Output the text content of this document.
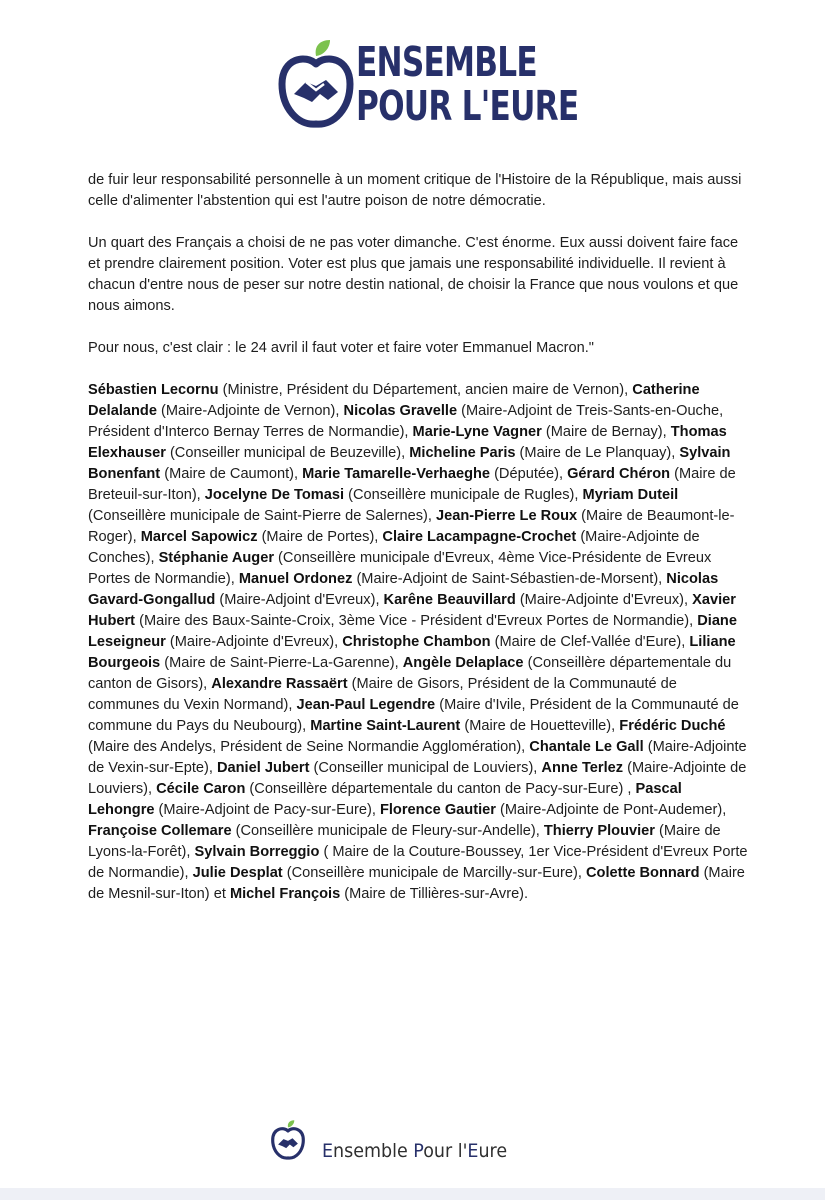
ENSEMBLE
POUR L'EURE

de fuir leur responsabilité personnelle à un moment critique de l'Histoire de la République, mais aussi celle d'alimenter l'abstention qui est l'autre poison de notre démocratie.

Un quart des Français a choisi de ne pas voter dimanche. C'est énorme. Eux aussi doivent faire face et prendre clairement position. Voter est plus que jamais une responsabilité individuelle. Il revient à chacun d'entre nous de peser sur notre destin national, de choisir la France que nous voulons et que nous aimons.

Pour nous, c'est clair : le 24 avril il faut voter et faire voter Emmanuel Macron."

Sébastien Lecornu (Ministre, Président du Département, ancien maire de Vernon), Catherine Delalande (Maire-Adjointe de Vernon), Nicolas Gravelle (Maire-Adjoint de Treis-Sants-en-Ouche, Président d'Interco Bernay Terres de Normandie), Marie-Lyne Vagner (Maire de Bernay), Thomas Elexhauser (Conseiller municipal de Beuzeville), Micheline Paris (Maire de Le Planquay), Sylvain Bonenfant (Maire de Caumont), Marie Tamarelle-Verhaeghe (Députée), Gérard Chéron (Maire de Breteuil-sur-Iton), Jocelyne De Tomasi (Conseillère municipale de Rugles), Myriam Duteil (Conseillère municipale de Saint-Pierre de Salernes), Jean-Pierre Le Roux (Maire de Beaumont-le-Roger), Marcel Sapowicz (Maire de Portes), Claire Lacampagne-Crochet (Maire-Adjointe de Conches), Stéphanie Auger (Conseillère municipale d'Evreux, 4ème Vice-Présidente de Evreux Portes de Normandie), Manuel Ordonez (Maire-Adjoint de Saint-Sébastien-de-Morsent), Nicolas Gavard-Gongallud (Maire-Adjoint d'Evreux), Karêne Beauvillard (Maire-Adjointe d'Evreux), Xavier Hubert (Maire des Baux-Sainte-Croix, 3ème Vice - Président d'Evreux Portes de Normandie), Diane Leseigneur (Maire-Adjointe d'Evreux), Christophe Chambon (Maire de Clef-Vallée d'Eure), Liliane Bourgeois (Maire de Saint-Pierre-La-Garenne), Angèle Delaplace (Conseillère départementale du canton de Gisors), Alexandre Rassaërt (Maire de Gisors, Président de la Communauté de communes du Vexin Normand), Jean-Paul Legendre (Maire d'Ivile, Président de la Communauté de commune du Pays du Neubourg), Martine Saint-Laurent (Maire de Houetteville), Frédéric Duché (Maire des Andelys, Président de Seine Normandie Agglomération), Chantale Le Gall (Maire-Adjointe de Vexin-sur-Epte), Daniel Jubert (Conseiller municipal de Louviers), Anne Terlez (Maire-Adjointe de Louviers), Cécile Caron (Conseillère départementale du canton de Pacy-sur-Eure) , Pascal Lehongre (Maire-Adjoint de Pacy-sur-Eure), Florence Gautier (Maire-Adjointe de Pont-Audemer), Françoise Collemare (Conseillère municipale de Fleury-sur-Andelle), Thierry Plouvier (Maire de Lyons-la-Forêt), Sylvain Borreggio ( Maire de la Couture-Boussey, 1er Vice-Président d'Evreux Porte de Normandie), Julie Desplat (Conseillère municipale de Marcilly-sur-Eure), Colette Bonnard (Maire de Mesnil-sur-Iton) et Michel François (Maire de Tillières-sur-Avre).

Ensemble Pour l'Eure
